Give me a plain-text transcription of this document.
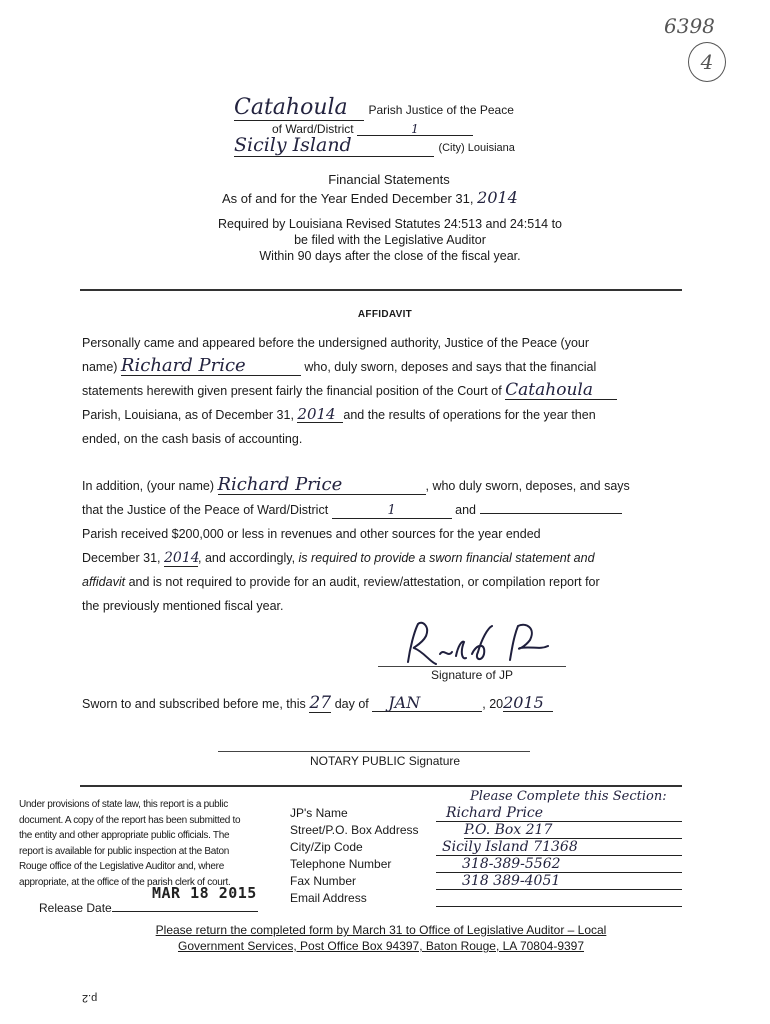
6398
4
Catahoula Parish Justice of the Peace
of Ward/District	1
Sicily Island	(City) Louisiana
Financial Statements
As of and for the Year Ended December 31, 2014
Required by Louisiana Revised Statutes 24:513 and 24:514 to
be filed with the Legislative Auditor
Within 90 days after the close of the fiscal year.
AFFIDAVIT
Personally came and appeared before the undersigned authority, Justice of the Peace (your
name) Richard Price	who, duly sworn, deposes and says that the financial
statements herewith given present fairly the financial position of the Court of Catahoula
Parish, Louisiana, as of December 31, 2014 and the results of operations for the year then
ended, on the cash basis of accounting.
In addition, (your name) Richard Price	, who duly sworn, deposes, and says
that the Justice of the Peace of Ward/District	1	and
Parish received $200,000 or less in revenues and other sources for the year ended
December 31, 2014, and accordingly, is required to provide a sworn financial statement and
affidavit and is not required to provide for an audit, review/attestation, or compilation report for
the previously mentioned fiscal year.
Signature of JP
Sworn to and subscribed before me, this 27 day of JAN	, 202015
NOTARY PUBLIC Signature
Under provisions of state law, this report is a public
document. A copy of the report has been submitted to
the entity and other appropriate public officials. The
report is available for public inspection at the Baton
Rouge office of the Legislative Auditor and, where
appropriate, at the office of the parish clerk of court.
MAR 18 2015
Release Date
Please Complete this Section:
JP's Name	Richard Price
Street/P.O. Box Address	P.O. Box 217
City/Zip Code	Sicily Island 71368
Telephone Number	318-389-5562
Fax Number	318 389-4051
Email Address
Please return the completed form by March 31 to Office of Legislative Auditor – Local
Government Services, Post Office Box 94397, Baton Rouge, LA 70804-9397
p.2
